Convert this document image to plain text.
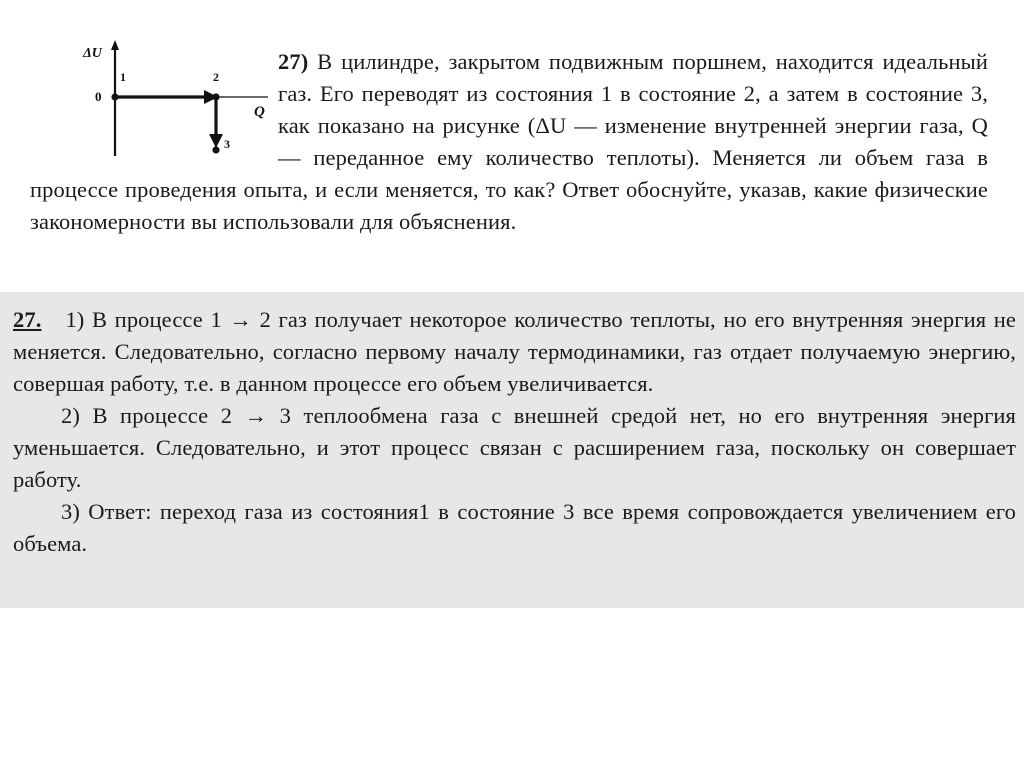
ΔU
0
1	2
3
Q
27) В цилиндре, закрытом подвижным поршнем, находится идеальный газ. Его переводят из состояния 1 в состояние 2, а затем в состояние 3, как показано на рисунке (ΔU — изменение внутренней энергии газа, Q — переданное ему количество теплоты). Меняется ли объем газа в процессе проведения опыта, и если меняется, то как? Ответ обоснуйте, указав, какие физические закономерности вы использовали для объяснения.

27. 1) В процессе 1 → 2 газ получает некоторое количество теплоты, но его внутренняя энергия не меняется. Следовательно, согласно первому началу термодинамики, газ отдает получаемую энергию, совершая работу, т.е. в данном процессе его объем увеличивается.

2) В процессе 2 → 3 теплообмена газа с внешней средой нет, но его внутренняя энергия уменьшается. Следовательно, и этот процесс связан с расширением газа, поскольку он совершает работу.

3) Ответ: переход газа из состояния1 в состояние 3 все время сопровождается увеличением его объема.
